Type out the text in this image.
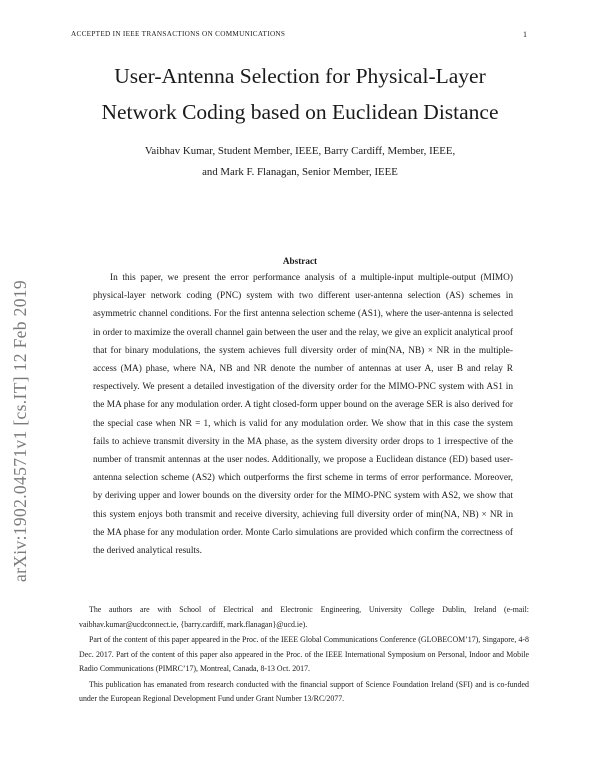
ACCEPTED IN IEEE TRANSACTIONS ON COMMUNICATIONS	1
arXiv:1902.04571v1 [cs.IT] 12 Feb 2019
User-Antenna Selection for Physical-Layer
Network Coding based on Euclidean Distance
Vaibhav Kumar, Student Member, IEEE, Barry Cardiff, Member, IEEE,
and Mark F. Flanagan, Senior Member, IEEE
Abstract

In this paper, we present the error performance analysis of a multiple-input multiple-output (MIMO) physical-layer network coding (PNC) system with two different user-antenna selection (AS) schemes in asymmetric channel conditions. For the first antenna selection scheme (AS1), where the user-antenna is selected in order to maximize the overall channel gain between the user and the relay, we give an explicit analytical proof that for binary modulations, the system achieves full diversity order of min(NA, NB) × NR in the multiple-access (MA) phase, where NA, NB and NR denote the number of antennas at user A, user B and relay R respectively. We present a detailed investigation of the diversity order for the MIMO-PNC system with AS1 in the MA phase for any modulation order. A tight closed-form upper bound on the average SER is also derived for the special case when NR = 1, which is valid for any modulation order. We show that in this case the system fails to achieve transmit diversity in the MA phase, as the system diversity order drops to 1 irrespective of the number of transmit antennas at the user nodes. Additionally, we propose a Euclidean distance (ED) based user-antenna selection scheme (AS2) which outperforms the first scheme in terms of error performance. Moreover, by deriving upper and lower bounds on the diversity order for the MIMO-PNC system with AS2, we show that this system enjoys both transmit and receive diversity, achieving full diversity order of min(NA, NB) × NR in the MA phase for any modulation order. Monte Carlo simulations are provided which confirm the correctness of the derived analytical results.

The authors are with School of Electrical and Electronic Engineering, University College Dublin, Ireland (e-mail: vaibhav.kumar@ucdconnect.ie, {barry.cardiff, mark.flanagan}@ucd.ie).

Part of the content of this paper appeared in the Proc. of the IEEE Global Communications Conference (GLOBECOM’17), Singapore, 4-8 Dec. 2017. Part of the content of this paper also appeared in the Proc. of the IEEE International Symposium on Personal, Indoor and Mobile Radio Communications (PIMRC’17), Montreal, Canada, 8-13 Oct. 2017.

This publication has emanated from research conducted with the financial support of Science Foundation Ireland (SFI) and is co-funded under the European Regional Development Fund under Grant Number 13/RC/2077.
